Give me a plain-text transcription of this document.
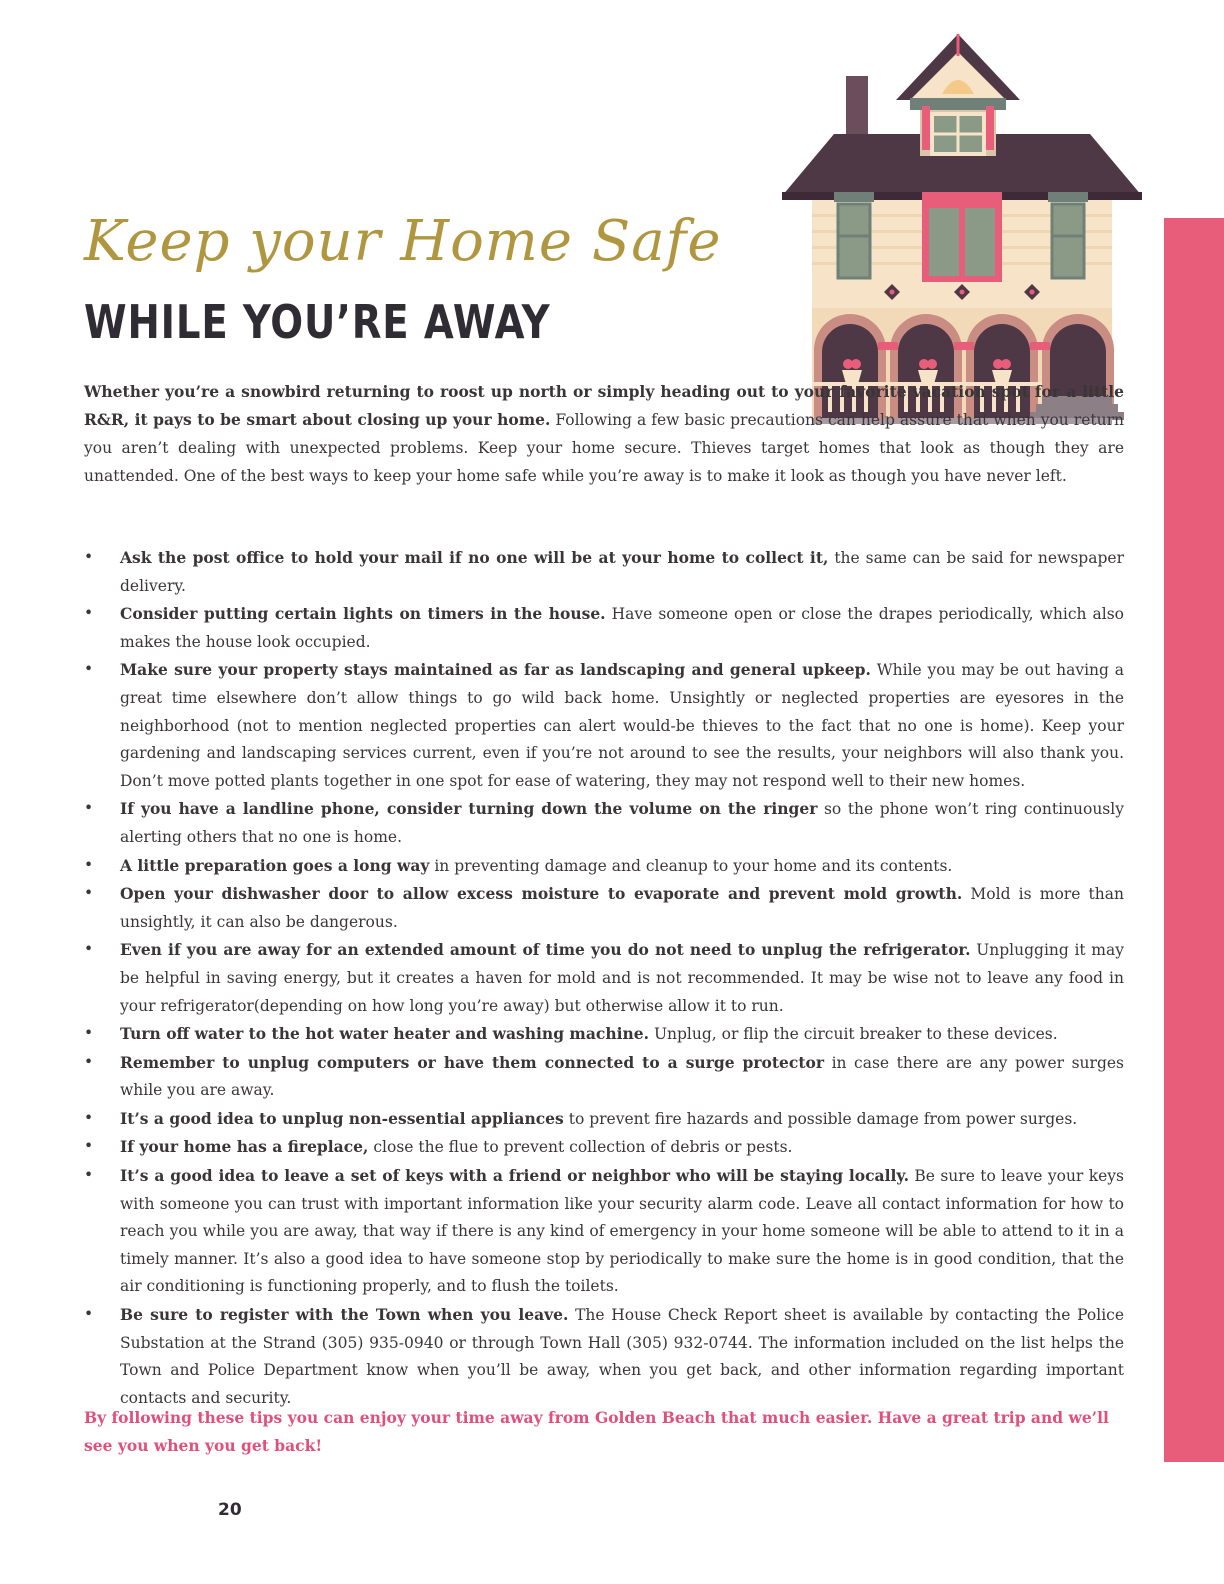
Keep your Home Safe
WHILE YOU’RE AWAY
Whether you’re a snowbird returning to roost up north or simply heading out to your favorite vacation spot for a little R&R, it pays to be smart about closing up your home. Following a few basic precautions can help assure that when you return you aren’t dealing with unexpected problems. Keep your home secure. Thieves target homes that look as though they are unattended. One of the best ways to keep your home safe while you’re away is to make it look as though you have never left.
•	Ask the post office to hold your mail if no one will be at your home to collect it, the same can be said for newspaper delivery.
•	Consider putting certain lights on timers in the house. Have someone open or close the drapes periodically, which also makes the house look occupied.
•	Make sure your property stays maintained as far as landscaping and general upkeep. While you may be out having a great time elsewhere don’t allow things to go wild back home. Unsightly or neglected properties are eyesores in the neighborhood (not to mention neglected properties can alert would-be thieves to the fact that no one is home). Keep your gardening and landscaping services current, even if you’re not around to see the results, your neighbors will also thank you. Don’t move potted plants together in one spot for ease of watering, they may not respond well to their new homes.
•	If you have a landline phone, consider turning down the volume on the ringer so the phone won’t ring continuously alerting others that no one is home.
•	A little preparation goes a long way in preventing damage and cleanup to your home and its contents.
•	Open your dishwasher door to allow excess moisture to evaporate and prevent mold growth. Mold is more than unsightly, it can also be dangerous.
•	Even if you are away for an extended amount of time you do not need to unplug the refrigerator. Unplugging it may be helpful in saving energy, but it creates a haven for mold and is not recommended. It may be wise not to leave any food in your refrigerator(depending on how long you’re away) but otherwise allow it to run.
•	Turn off water to the hot water heater and washing machine. Unplug, or flip the circuit breaker to these devices.
•	Remember to unplug computers or have them connected to a surge protector in case there are any power surges while you are away.
•	It’s a good idea to unplug non-essential appliances to prevent fire hazards and possible damage from power surges.
•	If your home has a fireplace, close the flue to prevent collection of debris or pests.
•	It’s a good idea to leave a set of keys with a friend or neighbor who will be staying locally. Be sure to leave your keys with someone you can trust with important information like your security alarm code. Leave all contact information for how to reach you while you are away, that way if there is any kind of emergency in your home someone will be able to attend to it in a timely manner. It’s also a good idea to have someone stop by periodically to make sure the home is in good condition, that the air conditioning is functioning properly, and to flush the toilets.
•	Be sure to register with the Town when you leave. The House Check Report sheet is available by contacting the Police Substation at the Strand (305) 935-0940 or through Town Hall (305) 932-0744. The information included on the list helps the Town and Police Department know when you’ll be away, when you get back, and other information regarding important contacts and security.
By following these tips you can enjoy your time away from Golden Beach that much easier. Have a great trip and we’ll see you when you get back!
20
